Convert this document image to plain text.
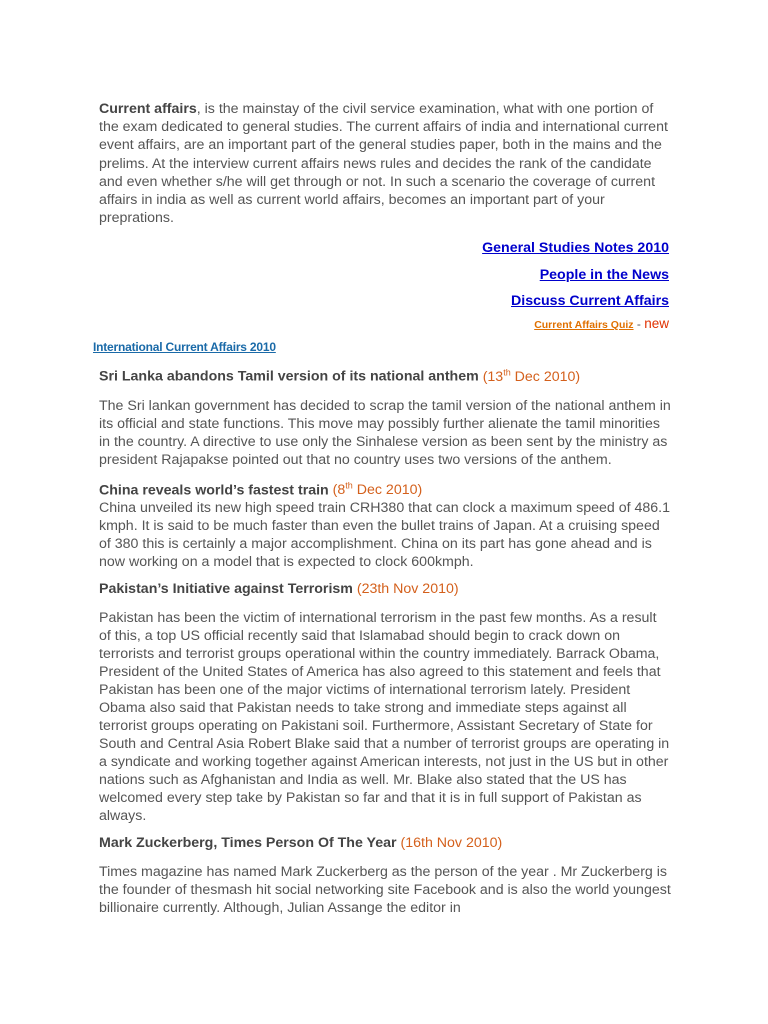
Current affairs, is the mainstay of the civil service examination, what with one portion of the exam dedicated to general studies. The current affairs of india and international current event affairs, are an important part of the general studies paper, both in the mains and the prelims. At the interview current affairs news rules and decides the rank of the candidate and even whether s/he will get through or not. In such a scenario the coverage of current affairs in india as well as current world affairs, becomes an important part of your preprations.

General Studies Notes 2010
People in the News
Discuss Current Affairs
Current Affairs Quiz - new
International Current Affairs 2010
Sri Lanka abandons Tamil version of its national anthem (13th Dec 2010)
The Sri lankan government has decided to scrap the tamil version of the national anthem in its official and state functions. This move may possibly further alienate the tamil minorities in the country. A directive to use only the Sinhalese version as been sent by the ministry as president Rajapakse pointed out that no country uses two versions of the anthem.
China reveals world’s fastest train (8th Dec 2010)
China unveiled its new high speed train CRH380 that can clock a maximum speed of 486.1 kmph. It is said to be much faster than even the bullet trains of Japan. At a cruising speed of 380 this is certainly a major accomplishment. China on its part has gone ahead and is now working on a model that is expected to clock 600kmph.
Pakistan’s Initiative against Terrorism (23th Nov 2010)
Pakistan has been the victim of international terrorism in the past few months. As a result of this, a top US official recently said that Islamabad should begin to crack down on terrorists and terrorist groups operational within the country immediately. Barrack Obama, President of the United States of America has also agreed to this statement and feels that Pakistan has been one of the major victims of international terrorism lately. President Obama also said that Pakistan needs to take strong and immediate steps against all terrorist groups operating on Pakistani soil. Furthermore, Assistant Secretary of State for South and Central Asia Robert Blake said that a number of terrorist groups are operating in a syndicate and working together against American interests, not just in the US but in other nations such as Afghanistan and India as well. Mr. Blake also stated that the US has welcomed every step take by Pakistan so far and that it is in full support of Pakistan as always.
Mark Zuckerberg, Times Person Of The Year (16th Nov 2010)
Times magazine has named Mark Zuckerberg as the person of the year . Mr Zuckerberg is the founder of thesmash hit social networking site Facebook and is also the world youngest billionaire currently. Although, Julian Assange the editor in
